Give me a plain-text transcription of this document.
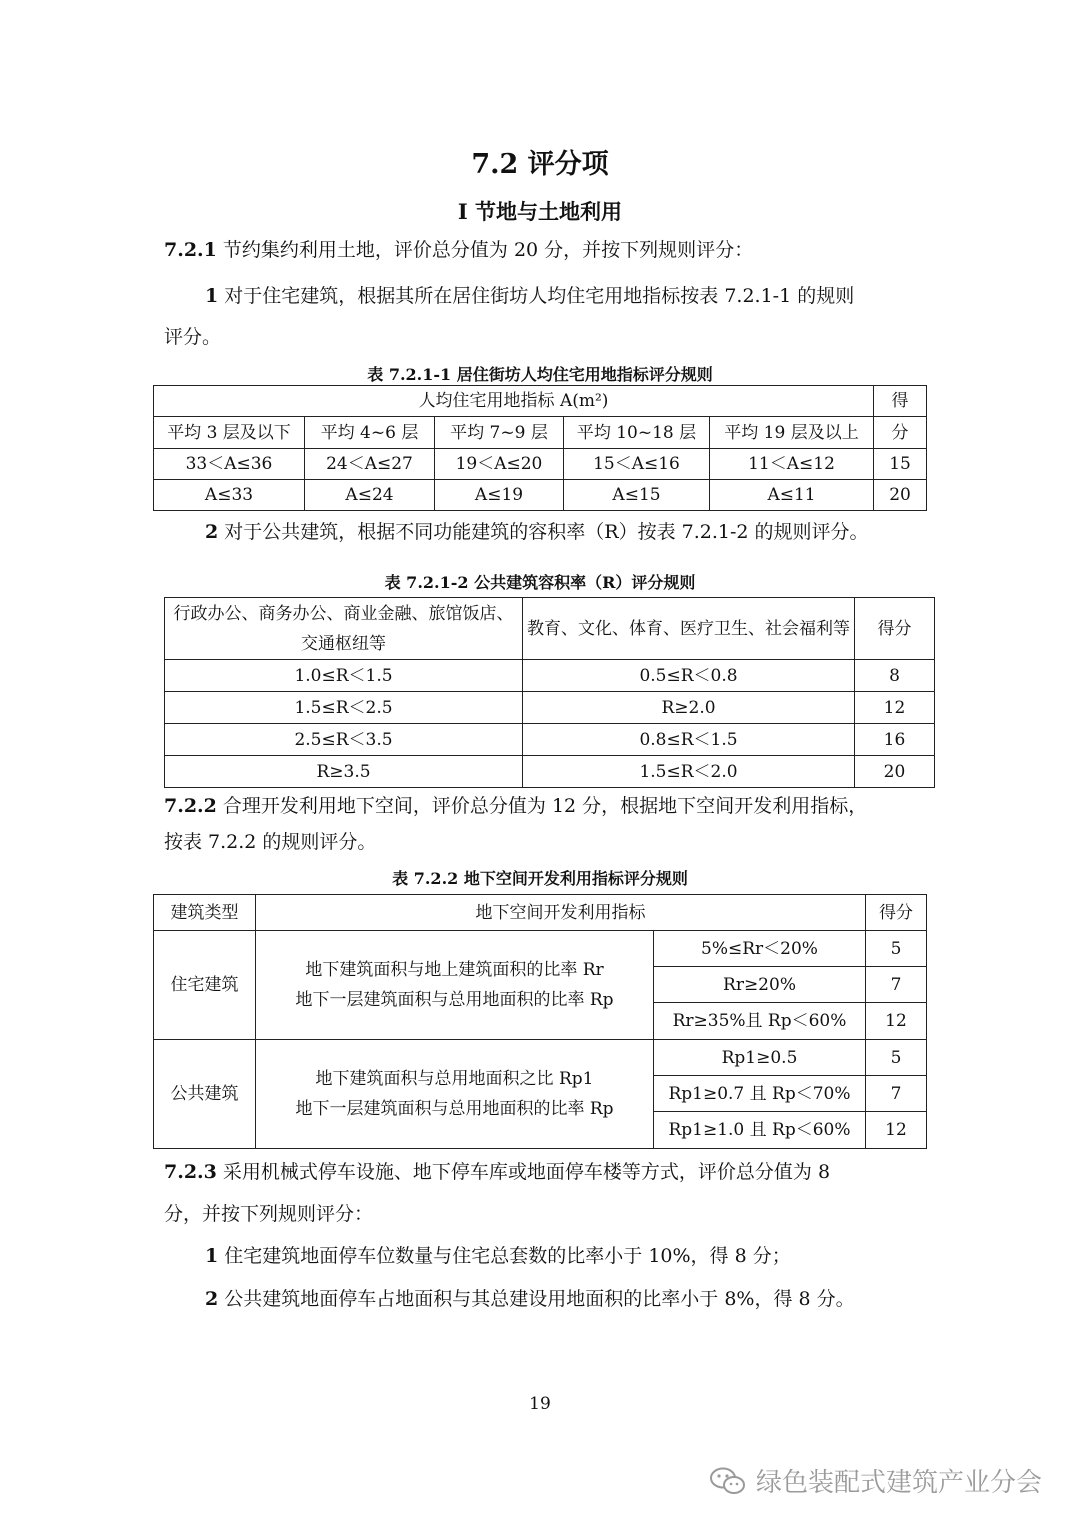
7.2 评分项
I 节地与土地利用
7.2.1 节约集约利用土地，评价总分值为 20 分，并按下列规则评分：
1 对于住宅建筑，根据其所在居住街坊人均住宅用地指标按表 7.2.1-1 的规则
评分。
表 7.2.1-1 居住街坊人均住宅用地指标评分规则
人均住宅用地指标 A(m²)					得
平均 3 层及以下	平均 4~6 层	平均 7~9 层	平均 10~18 层	平均 19 层及以上	分
33＜A≤36	24＜A≤27	19＜A≤20	15＜A≤16	11＜A≤12	15
A≤33	A≤24	A≤19	A≤15	A≤11	20
2 对于公共建筑，根据不同功能建筑的容积率（R）按表 7.2.1-2 的规则评分。
表 7.2.1-2 公共建筑容积率（R）评分规则
行政办公、商务办公、商业金融、旅馆饭店、交通枢纽等	教育、文化、体育、医疗卫生、社会福利等	得分
1.0≤R＜1.5	0.5≤R＜0.8	8
1.5≤R＜2.5	R≥2.0	12
2.5≤R＜3.5	0.8≤R＜1.5	16
R≥3.5	1.5≤R＜2.0	20
7.2.2 合理开发利用地下空间，评价总分值为 12 分，根据地下空间开发利用指标，
按表 7.2.2 的规则评分。
表 7.2.2 地下空间开发利用指标评分规则
建筑类型	地下空间开发利用指标		得分
住宅建筑	地下建筑面积与地上建筑面积的比率 Rr
地下一层建筑面积与总用地面积的比率 Rp	5%≤Rr＜20%	5
		Rr≥20%	7
		Rr≥35%且 Rp＜60%	12
公共建筑	地下建筑面积与总用地面积之比 Rp1
地下一层建筑面积与总用地面积的比率 Rp	Rp1≥0.5	5
		Rp1≥0.7 且 Rp＜70%	7
		Rp1≥1.0 且 Rp＜60%	12
7.2.3 采用机械式停车设施、地下停车库或地面停车楼等方式，评价总分值为 8
分，并按下列规则评分：
1 住宅建筑地面停车位数量与住宅总套数的比率小于 10%，得 8 分；
2 公共建筑地面停车占地面积与其总建设用地面积的比率小于 8%，得 8 分。
19
绿色装配式建筑产业分会
